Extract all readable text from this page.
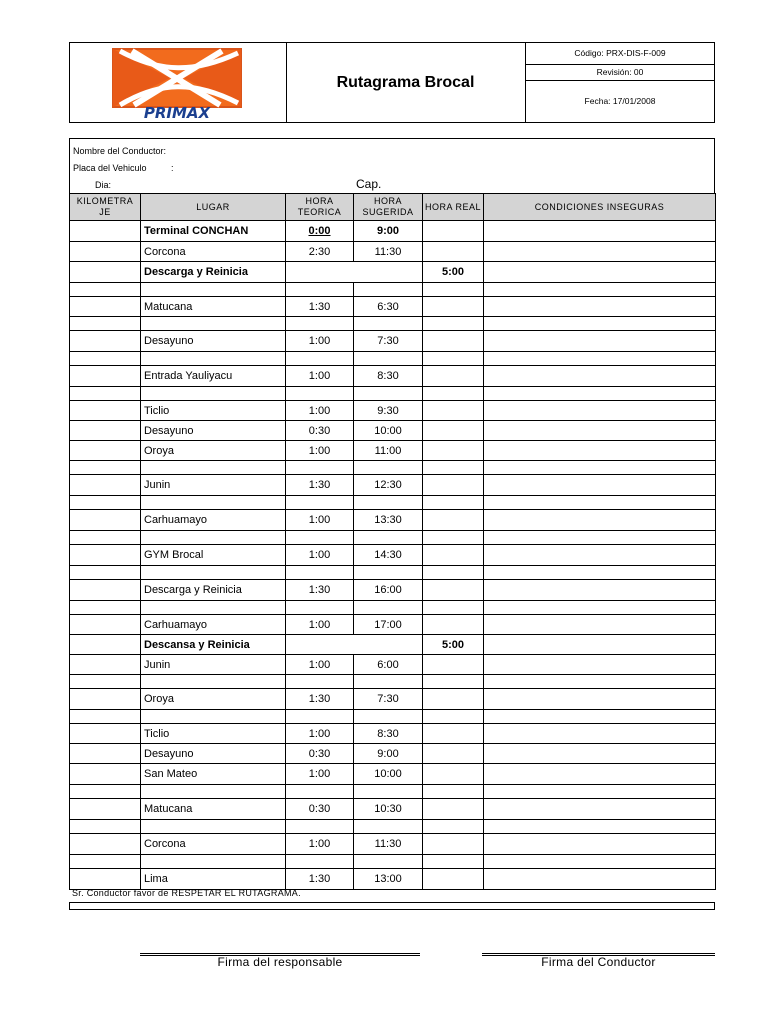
PRIMAX
Rutagrama Brocal
Código: PRX-DIS-F-009
Revisión: 00
Fecha: 17/01/2008
Nombre del Conductor:
Placa del Vehiculo	:
Dia:	Cap.
KILOMETRA JE	LUGAR	HORA TEORICA	HORA SUGERIDA	HORA REAL	CONDICIONES INSEGURAS
	Terminal CONCHAN	0:00	9:00		
	Corcona	2:30	11:30		
	Descarga y Reinicia			5:00	

	Matucana	1:30	6:30		

	Desayuno	1:00	7:30		

	Entrada Yauliyacu	1:00	8:30		

	Ticlio	1:00	9:30		
	Desayuno	0:30	10:00		
	Oroya	1:00	11:00		

	Junin	1:30	12:30		

	Carhuamayo	1:00	13:30		

	GYM Brocal	1:00	14:30		

	Descarga y Reinicia	1:30	16:00		

	Carhuamayo	1:00	17:00		
	Descansa y Reinicia			5:00	
	Junin	1:00	6:00		

	Oroya	1:30	7:30		

	Ticlio	1:00	8:30		
	Desayuno	0:30	9:00		
	San Mateo	1:00	10:00		

	Matucana	0:30	10:30		

	Corcona	1:00	11:30		

	Lima	1:30	13:00		
Sr. Conductor favor de RESPETAR EL RUTAGRAMA.
Firma del responsable	Firma del Conductor
